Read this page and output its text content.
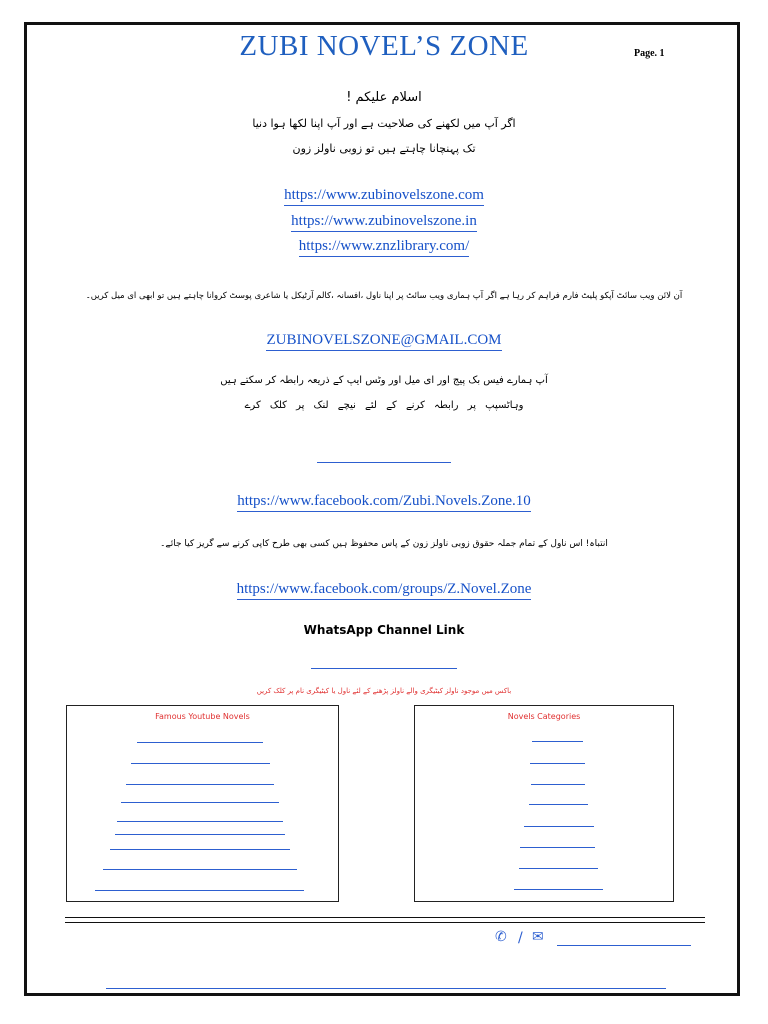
ZUBI NOVEL’S ZONE	Page. 1
اسلام علیکم !
اگر آپ میں لکھنے کی صلاحیت ہے اور آپ اپنا لکھا ہوا دنیا
تک پہنچانا چاہتے ہیں تو زوبی ناولز زون
https://www.zubinovelszone.com
https://www.zubinovelszone.in
https://www.znzlibrary.com/
آن لائن ویب سائٹ آپکو پلیٹ فارم فراہم کر رہا ہے اگر آپ ہماری ویب سائٹ پر اپنا ناول ،افسانہ ،کالم آرٹیکل یا شاعری پوسٹ کروانا چاہتے ہیں تو ابھی ای میل کریں۔
ZUBINOVELSZONE@GMAIL.COM
آپ ہمارے فیس بک پیج اور ای میل اور وٹس ایپ کے ذریعہ رابطہ کر سکتے ہیں
وہاٹسپپ پر رابطہ کرنے کے لئے نیچے لنک پر کلک کرے
https://www.facebook.com/Zubi.Novels.Zone.10
انتباہ! اس ناول کے تمام جملہ حقوق زوبی ناولز زون کے پاس محفوظ ہیں کسی بھی طرح کاپی کرنے سے گریز کیا جائے۔
https://www.facebook.com/groups/Z.Novel.Zone
WhatsApp Channel Link
باکس میں موجود ناولز کیٹیگری والے ناولز پڑھنے کے لئے ناول یا کیٹیگری نام پر کلک کریں
Famous Youtube Novels	Novels Categories
✆ / ✉
